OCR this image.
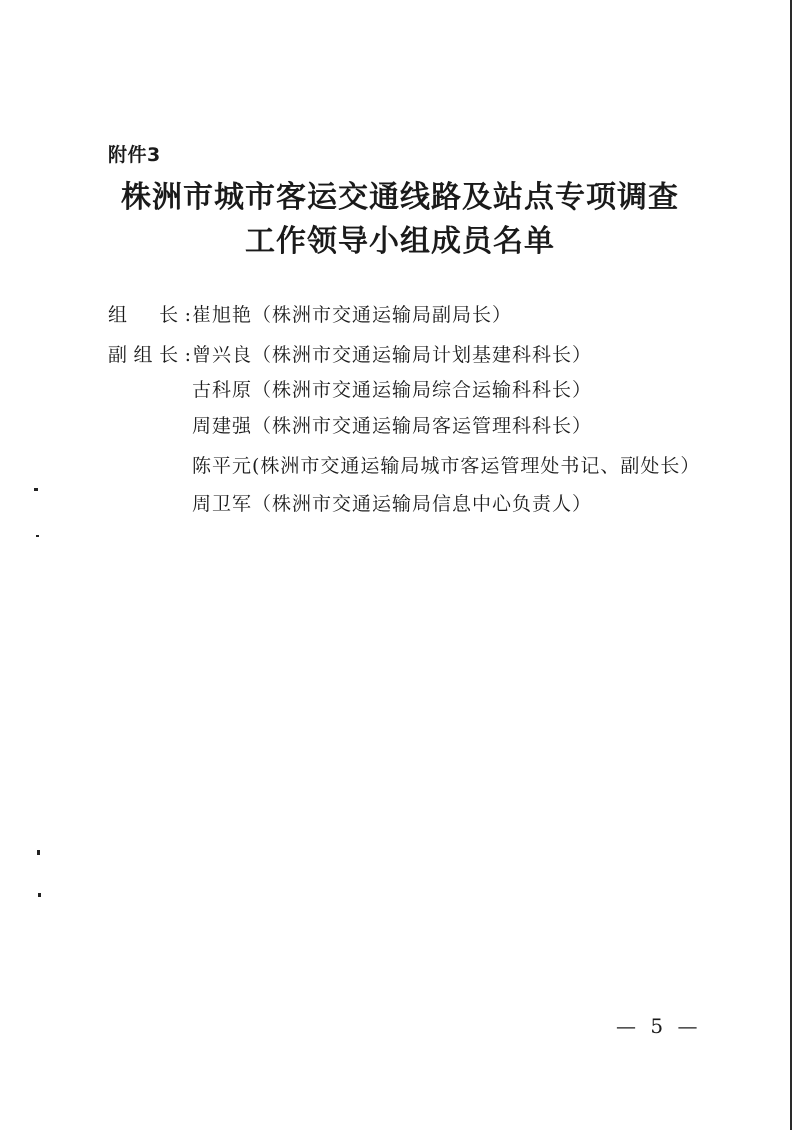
附件3
株洲市城市客运交通线路及站点专项调查
工作领导小组成员名单
组　长:崔旭艳（株洲市交通运输局副局长）
副组长:曾兴良（株洲市交通运输局计划基建科科长）
古科原（株洲市交通运输局综合运输科科长）
周建强（株洲市交通运输局客运管理科科长）
陈平元(株洲市交通运输局城市客运管理处书记、副处长）
周卫军（株洲市交通运输局信息中心负责人）
— 5 —
